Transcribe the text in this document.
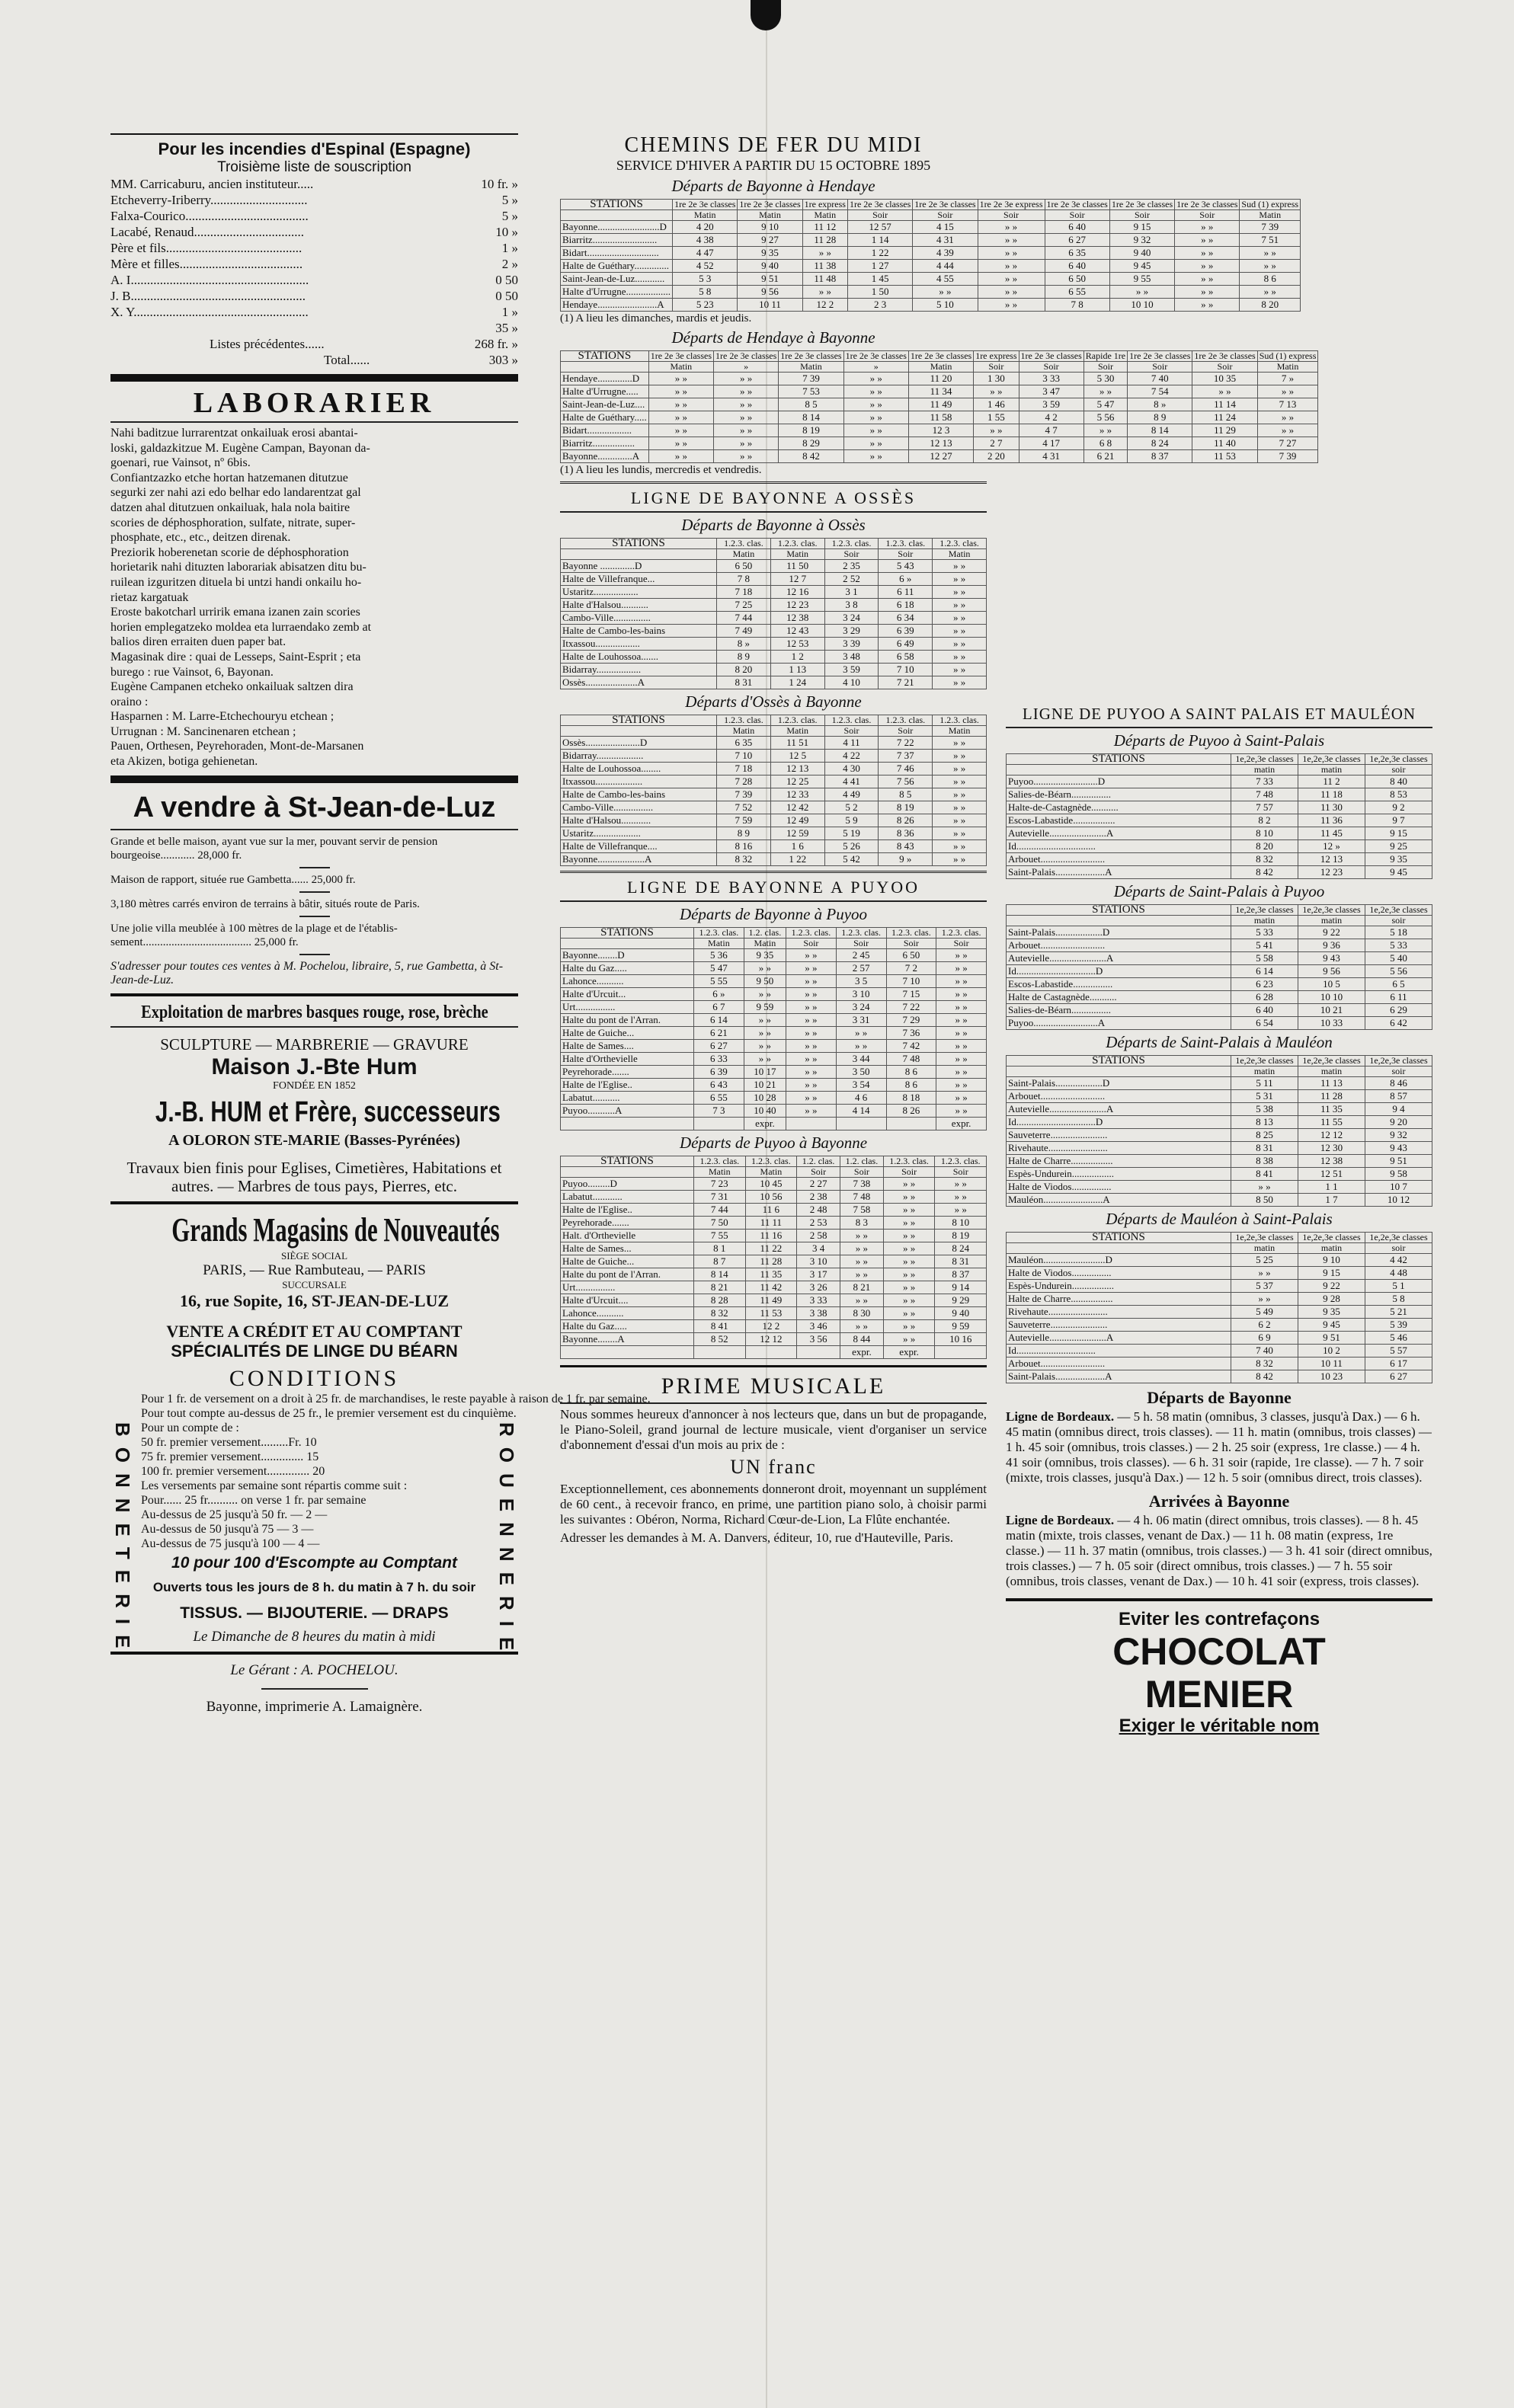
Pour les incendies d'Espinal (Espagne)

Troisième liste de souscription

MM. Carricaburu, ancien instituteur.....	10 fr. »
Etcheverry-Iriberry..............................	5 »
Falxa-Courico......................................	5 »
Lacabé, Renaud..................................	10 »
Père et fils..........................................	1 »
Mère et filles......................................	2 »
A. I.......................................................	0 50
J. B......................................................	0 50
X. Y......................................................	1 »
35 »
Listes précédentes......	268 fr. »
Total......	303 »

LABORARIER

Nahi baditzue lurrarentzat onkailuak erosi abantai-

loski, galdazkitzue M. Eugène Campan, Bayonan da-

goenari, rue Vainsot, nº 6bis.

Confiantzazko etche hortan hatzemanen ditutzue

segurki zer nahi azi edo belhar edo landarentzat gal

datzen ahal ditutzuen onkailuak, hala nola baitire

scories de déphosphoration, sulfate, nitrate, super-

phosphate, etc., etc., deitzen direnak.

Preziorik hoberenetan scorie de déphosphoration

horietarik nahi dituzten laborariak abisatzen ditu bu-

ruilean izguritzen dituela bi untzi handi onkailu ho-

rietaz kargatuak

Eroste bakotcharl urririk emana izanen zain scories

horien emplegatzeko moldea eta lurraendako zemb at

balios diren erraiten duen paper bat.

Magasinak dire : quai de Lesseps, Saint-Esprit ; eta

burego : rue Vainsot, 6, Bayonan.

Eugène Campanen etcheko onkailuak saltzen dira

oraino :

Hasparnen : M. Larre-Etchechouryu etchean ;

Urrugnan : M. Sancinenaren etchean ;

Pauen, Orthesen, Peyrehoraden, Mont-de-Marsanen

eta Akizen, botiga gehienetan.

A vendre à St-Jean-de-Luz

Grande et belle maison, ayant vue sur la mer, pouvant servir de pension bourgeoise............ 28,000 fr.

Maison de rapport, située rue Gambetta...... 25,000 fr.

3,180 mètres carrés environ de terrains à bâtir, situés route de Paris.

Une jolie villa meublée à 100 mètres de la plage et de l'établis-sement...................................... 25,000 fr.

S'adresser pour toutes ces ventes à M. Pochelou, libraire, 5, rue Gambetta, à St-Jean-de-Luz.

Exploitation de marbres basques rouge, rose, brèche

SCULPTURE — MARBRERIE — GRAVURE

Maison J.-Bte Hum

FONDÉE EN 1852

J.-B. HUM et Frère, successeurs

A OLORON STE-MARIE (Basses-Pyrénées)

Travaux bien finis pour Eglises, Cimetières, Habitations et autres. — Marbres de tous pays, Pierres, etc.

Grands Magasins de Nouveautés

SIÈGE SOCIAL

PARIS, — Rue Rambuteau, — PARIS

SUCCURSALE

16, rue Sopite, 16, ST-JEAN-DE-LUZ

VENTE A CRÉDIT ET AU COMPTANT

SPÉCIALITÉS DE LINGE DU BÉARN

CONDITIONS

BONNETERIE	ROUENNERIE

Pour 1 fr. de versement on a droit à 25 fr. de marchandises, le reste payable à raison de 1 fr. par semaine.

Pour tout compte au-dessus de 25 fr., le premier versement est du cinquième.

Pour un compte de :

50 fr. premier versement.........Fr. 10

75 fr. premier versement.............. 15

100 fr. premier versement.............. 20

Les versements par semaine sont répartis comme suit :

Pour...... 25 fr.......... on verse 1 fr. par semaine

Au-dessus de 25 jusqu'à 50 fr. — 2 —

Au-dessus de 50 jusqu'à 75 — 3 —

Au-dessus de 75 jusqu'à 100 — 4 —

10 pour 100 d'Escompte au Comptant

Ouverts tous les jours de 8 h. du matin à 7 h. du soir

TISSUS. — BIJOUTERIE. — DRAPS

Le Dimanche de 8 heures du matin à midi

Le Gérant : A. POCHELOU.

Bayonne, imprimerie A. Lamaignère.

CHEMINS DE FER DU MIDI

SERVICE D'HIVER A PARTIR DU 15 OCTOBRE 1895

Départs de Bayonne à Hendaye

STATIONS	1re 2e 3e classes	1re 2e 3e classes	1re express	1re 2e 3e classes	1re 2e 3e classes	1re 2e 3e express	1re 2e 3e classes	1re 2e 3e classes	1re 2e 3e classes	Sud (1) express
	Matin	Matin	Matin	Soir	Soir	Soir	Soir	Soir	Soir	Matin
Bayonne.........................D	4 20	9 10	11 12	12 57	4 15	» »	6 40	9 15	» »	7 39
Biarritz..........................	4 38	9 27	11 28	1 14	4 31	» »	6 27	9 32	» »	7 51
Bidart.............................	4 47	9 35	» »	1 22	4 39	» »	6 35	9 40	» »	» »
Halte de Guéthary..............	4 52	9 40	11 38	1 27	4 44	» »	6 40	9 45	» »	» »
Saint-Jean-de-Luz............	5 3	9 51	11 48	1 45	4 55	» »	6 50	9 55	» »	8 6
Halte d'Urrugne..................	5 8	9 56	» »	1 50	» »	» »	6 55	» »	» »	» »
Hendaye........................A	5 23	10 11	12 2	2 3	5 10	» »	7 8	10 10	» »	8 20

(1) A lieu les dimanches, mardis et jeudis.

Départs de Hendaye à Bayonne

STATIONS	1re 2e 3e classes	1re 2e 3e classes	1re 2e 3e classes	1re 2e 3e classes	1re 2e 3e classes	1re express	1re 2e 3e classes	Rapide 1re	1re 2e 3e classes	1re 2e 3e classes	Sud (1) express
	Matin	»	Matin	»	Matin	Soir	Soir	Soir	Soir	Soir	Matin
Hendaye..............D	» »	» »	7 39	» »	11 20	1 30	3 33	5 30	7 40	10 35	7 »
Halte d'Urrugne.....	» »	» »	7 53	» »	11 34	» »	3 47	» »	7 54	» »	» »
Saint-Jean-de-Luz....	» »	» »	8 5	» »	11 49	1 46	3 59	5 47	8 »	11 14	7 13
Halte de Guéthary.....	» »	» »	8 14	» »	11 58	1 55	4 2	5 56	8 9	11 24	» »
Bidart..................	» »	» »	8 19	» »	12 3	» »	4 7	» »	8 14	11 29	» »
Biarritz.................	» »	» »	8 29	» »	12 13	2 7	4 17	6 8	8 24	11 40	7 27
Bayonne..............A	» »	» »	8 42	» »	12 27	2 20	4 31	6 21	8 37	11 53	7 39

(1) A lieu les lundis, mercredis et vendredis.

LIGNE DE BAYONNE A OSSÈS

Départs de Bayonne à Ossès

STATIONS	1.2.3. clas.	1.2.3. clas.	1.2.3. clas.	1.2.3. clas.	1.2.3. clas.
	Matin	Matin	Soir	Soir	Matin
Bayonne ..............D	6 50	11 50	2 35	5 43	» »
Halte de Villefranque...	7 8	12 7	2 52	6 »	» »
Ustaritz..................	7 18	12 16	3 1	6 11	» »
Halte d'Halsou...........	7 25	12 23	3 8	6 18	» »
Cambo-Ville...............	7 44	12 38	3 24	6 34	» »
Halte de Cambo-les-bains	7 49	12 43	3 29	6 39	» »
Itxassou..................	8 »	12 53	3 39	6 49	» »
Halte de Louhossoa.......	8 9	1 2	3 48	6 58	» »
Bidarray..................	8 20	1 13	3 59	7 10	» »
Ossès.....................A	8 31	1 24	4 10	7 21	» »

Départs d'Ossès à Bayonne

STATIONS	1.2.3. clas.	1.2.3. clas.	1.2.3. clas.	1.2.3. clas.	1.2.3. clas.
	Matin	Matin	Soir	Soir	Matin
Ossès......................D	6 35	11 51	4 11	7 22	» »
Bidarray...................	7 10	12 5	4 22	7 37	» »
Halte de Louhossoa........	7 18	12 13	4 30	7 46	» »
Itxassou...................	7 28	12 25	4 41	7 56	» »
Halte de Cambo-les-bains	7 39	12 33	4 49	8 5	» »
Cambo-Ville................	7 52	12 42	5 2	8 19	» »
Halte d'Halsou............	7 59	12 49	5 9	8 26	» »
Ustaritz...................	8 9	12 59	5 19	8 36	» »
Halte de Villefranque....	8 16	1 6	5 26	8 43	» »
Bayonne...................A	8 32	1 22	5 42	9 »	» »

LIGNE DE BAYONNE A PUYOO

Départs de Bayonne à Puyoo

STATIONS	1.2.3. clas.	1.2. clas.	1.2.3. clas.	1.2.3. clas.	1.2.3. clas.	1.2.3. clas.
	Matin	Matin	Soir	Soir	Soir	Soir
Bayonne........D	5 36	9 35	» »	2 45	6 50	» »
Halte du Gaz.....	5 47	» »	» »	2 57	7 2	» »
Lahonce...........	5 55	9 50	» »	3 5	7 10	» »
Halte d'Urcuit...	6 »	» »	» »	3 10	7 15	» »
Urt................	6 7	9 59	» »	3 24	7 22	» »
Halte du pont de l'Arran.	6 14	» »	» »	3 31	7 29	» »
Halte de Guiche...	6 21	» »	» »	» »	7 36	» »
Halte de Sames....	6 27	» »	» »	» »	7 42	» »
Halte d'Orthevielle	6 33	» »	» »	3 44	7 48	» »
Peyrehorade.......	6 39	10 17	» »	3 50	8 6	» »
Halte de l'Eglise..	6 43	10 21	» »	3 54	8 6	» »
Labatut...........	6 55	10 28	» »	4 6	8 18	» »
Puyoo...........A	7 3	10 40	» »	4 14	8 26	» »
		expr.				expr.

Départs de Puyoo à Bayonne

STATIONS	1.2.3. clas.	1.2.3. clas.	1.2. clas.	1.2. clas.	1.2.3. clas.	1.2.3. clas.
	Matin	Matin	Soir	Soir	Soir	Soir
Puyoo.........D	7 23	10 45	2 27	7 38	» »	» »
Labatut............	7 31	10 56	2 38	7 48	» »	» »
Halte de l'Eglise..	7 44	11 6	2 48	7 58	» »	» »
Peyrehorade.......	7 50	11 11	2 53	8 3	» »	8 10
Halt. d'Orthevielle	7 55	11 16	2 58	» »	» »	8 19
Halte de Sames...	8 1	11 22	3 4	» »	» »	8 24
Halte de Guiche...	8 7	11 28	3 10	» »	» »	8 31
Halte du pont de l'Arran.	8 14	11 35	3 17	» »	» »	8 37
Urt................	8 21	11 42	3 26	8 21	» »	9 14
Halte d'Urcuit....	8 28	11 49	3 33	» »	» »	9 29
Lahonce...........	8 32	11 53	3 38	8 30	» »	9 40
Halte du Gaz.....	8 41	12 2	3 46	» »	» »	9 59
Bayonne........A	8 52	12 12	3 56	8 44	» »	10 16
				expr.	expr.	

PRIME MUSICALE

Nous sommes heureux d'annoncer à nos lecteurs que, dans un but de propagande, le Piano-Soleil, grand journal de lecture musicale, vient d'organiser un service d'abonnement d'essai d'un mois au prix de :

UN franc

Exceptionnellement, ces abonnements donneront droit, moyennant un supplément de 60 cent., à recevoir franco, en prime, une partition piano solo, à choisir parmi les suivantes : Obéron, Norma, Richard Cœur-de-Lion, La Flûte enchantée.

Adresser les demandes à M. A. Danvers, éditeur, 10, rue d'Hauteville, Paris.

LIGNE DE PUYOO A SAINT PALAIS ET MAULÉON

Départs de Puyoo à Saint-Palais

STATIONS	1e,2e,3e classes	1e,2e,3e classes	1e,2e,3e classes
	matin	matin	soir
Puyoo..........................D	7 33	11 2	8 40
Salies-de-Béarn................	7 48	11 18	8 53
Halte-de-Castagnède...........	7 57	11 30	9 2
Escos-Labastide.................	8 2	11 36	9 7
Autevielle.......................A	8 10	11 45	9 15
Id................................	8 20	12 »	9 25
Arbouet..........................	8 32	12 13	9 35
Saint-Palais....................A	8 42	12 23	9 45

Départs de Saint-Palais à Puyoo

STATIONS	1e,2e,3e classes	1e,2e,3e classes	1e,2e,3e classes
	matin	matin	soir
Saint-Palais...................D	5 33	9 22	5 18
Arbouet..........................	5 41	9 36	5 33
Autevielle.......................A	5 58	9 43	5 40
Id................................D	6 14	9 56	5 56
Escos-Labastide................	6 23	10 5	6 5
Halte de Castagnède...........	6 28	10 10	6 11
Salies-de-Béarn................	6 40	10 21	6 29
Puyoo..........................A	6 54	10 33	6 42

Départs de Saint-Palais à Mauléon

STATIONS	1e,2e,3e classes	1e,2e,3e classes	1e,2e,3e classes
	matin	matin	soir
Saint-Palais...................D	5 11	11 13	8 46
Arbouet..........................	5 31	11 28	8 57
Autevielle.......................A	5 38	11 35	9 4
Id................................D	8 13	11 55	9 20
Sauveterre.......................	8 25	12 12	9 32
Rivehaute........................	8 31	12 30	9 43
Halte de Charre.................	8 38	12 38	9 51
Espès-Undurein.................	8 41	12 51	9 58
Halte de Viodos................	» »	1 1	10 7
Mauléon........................A	8 50	1 7	10 12

Départs de Mauléon à Saint-Palais

STATIONS	1e,2e,3e classes	1e,2e,3e classes	1e,2e,3e classes
	matin	matin	soir
Mauléon.........................D	5 25	9 10	4 42
Halte de Viodos................	» »	9 15	4 48
Espès-Undurein.................	5 37	9 22	5 1
Halte de Charre.................	» »	9 28	5 8
Rivehaute........................	5 49	9 35	5 21
Sauveterre.......................	6 2	9 45	5 39
Autevielle.......................A	6 9	9 51	5 46
Id................................	7 40	10 2	5 57
Arbouet..........................	8 32	10 11	6 17
Saint-Palais....................A	8 42	10 23	6 27

Départs de Bayonne

Ligne de Bordeaux. — 5 h. 58 matin (omnibus, 3 classes, jusqu'à Dax.) — 6 h. 45 matin (omnibus direct, trois classes). — 11 h. matin (omnibus, trois classes) — 1 h. 45 soir (omnibus, trois classes.) — 2 h. 25 soir (express, 1re classe.) — 4 h. 41 soir (omnibus, trois classes). — 6 h. 31 soir (rapide, 1re classe). — 7 h. 7 soir (mixte, trois classes, jusqu'à Dax.) — 12 h. 5 soir (omnibus direct, trois classes).

Arrivées à Bayonne

Ligne de Bordeaux. — 4 h. 06 matin (direct omnibus, trois classes). — 8 h. 45 matin (mixte, trois classes, venant de Dax.) — 11 h. 08 matin (express, 1re classe.) — 11 h. 37 matin (omnibus, trois classes.) — 3 h. 41 soir (direct omnibus, trois classes.) — 7 h. 05 soir (direct omnibus, trois classes.) — 7 h. 55 soir (omnibus, trois classes, venant de Dax.) — 10 h. 41 soir (express, trois classes).

Eviter les contrefaçons

CHOCOLAT

MENIER

Exiger le véritable nom
